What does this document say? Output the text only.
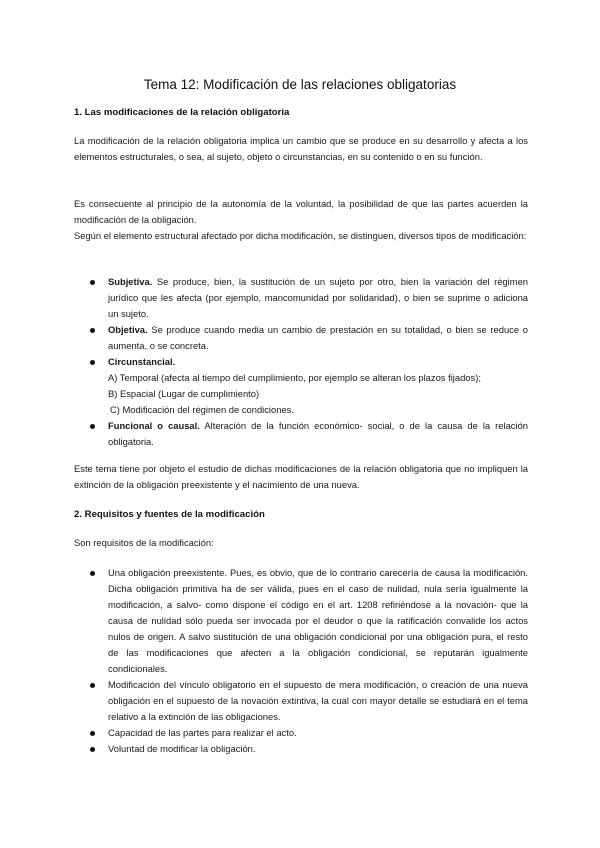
Tema 12: Modificación de las relaciones obligatorias
1. Las modificaciones de la relación obligatoria
La modificación de la relación obligatoria implica un cambio que se produce en su desarrollo y afecta a los elementos estructurales, o sea, al sujeto, objeto o circunstancias, en su contenido o en su función.
Es consecuente al principio de la autonomía de la voluntad, la posibilidad de que las partes acuerden la modificación de la obligación.
Según el elemento estructural afectado por dicha modificación, se distinguen, diversos tipos de modificación:
Subjetiva. Se produce, bien, la sustitución de un sujeto por otro, bien la variación del régimen jurídico que les afecta (por ejemplo, mancomunidad por solidaridad), o bien se suprime o adiciona un sujeto.
Objetiva. Se produce cuando media un cambio de prestación en su totalidad, o bien se reduce o aumenta, o se concreta.
Circunstancial.
A) Temporal (afecta al tiempo del cumplimiento, por ejemplo se alteran los plazos fijados);
B) Espacial (Lugar de cumplimiento)
C) Modificación del régimen de condiciones.
Funcional o causal. Alteración de la función económico- social, o de la causa de la relación obligatoria.
Este tema tiene por objeto el estudio de dichas modificaciones de la relación obligatoria que no impliquen la extinción de la obligación preexistente y el nacimiento de una nueva.
2. Requisitos y fuentes de la modificación
Son requisitos de la modificación:
Una obligación preexistente. Pues, es obvio, que de lo contrario carecería de causa la modificación. Dicha obligación primitiva ha de ser válida, pues en el caso de nulidad, nula sería igualmente la modificación, a salvo- como dispone el código en el art. 1208 refiriéndose a la novación- que la causa de nulidad sólo pueda ser invocada por el deudor o que la ratificación convalide los actos nulos de origen. A salvo sustitución de una obligación condicional por una obligación pura, el resto de las modificaciones que afecten a la obligación condicional, se reputarán igualmente condicionales.
Modificación del vínculo obligatorio en el supuesto de mera modificación, o creación de una nueva obligación en el supuesto de la novación extintiva, la cual con mayor detalle se estudiará en el tema relativo a la extinción de las obligaciones.
Capacidad de las partes para realizar el acto.
Voluntad de modificar la obligación.
